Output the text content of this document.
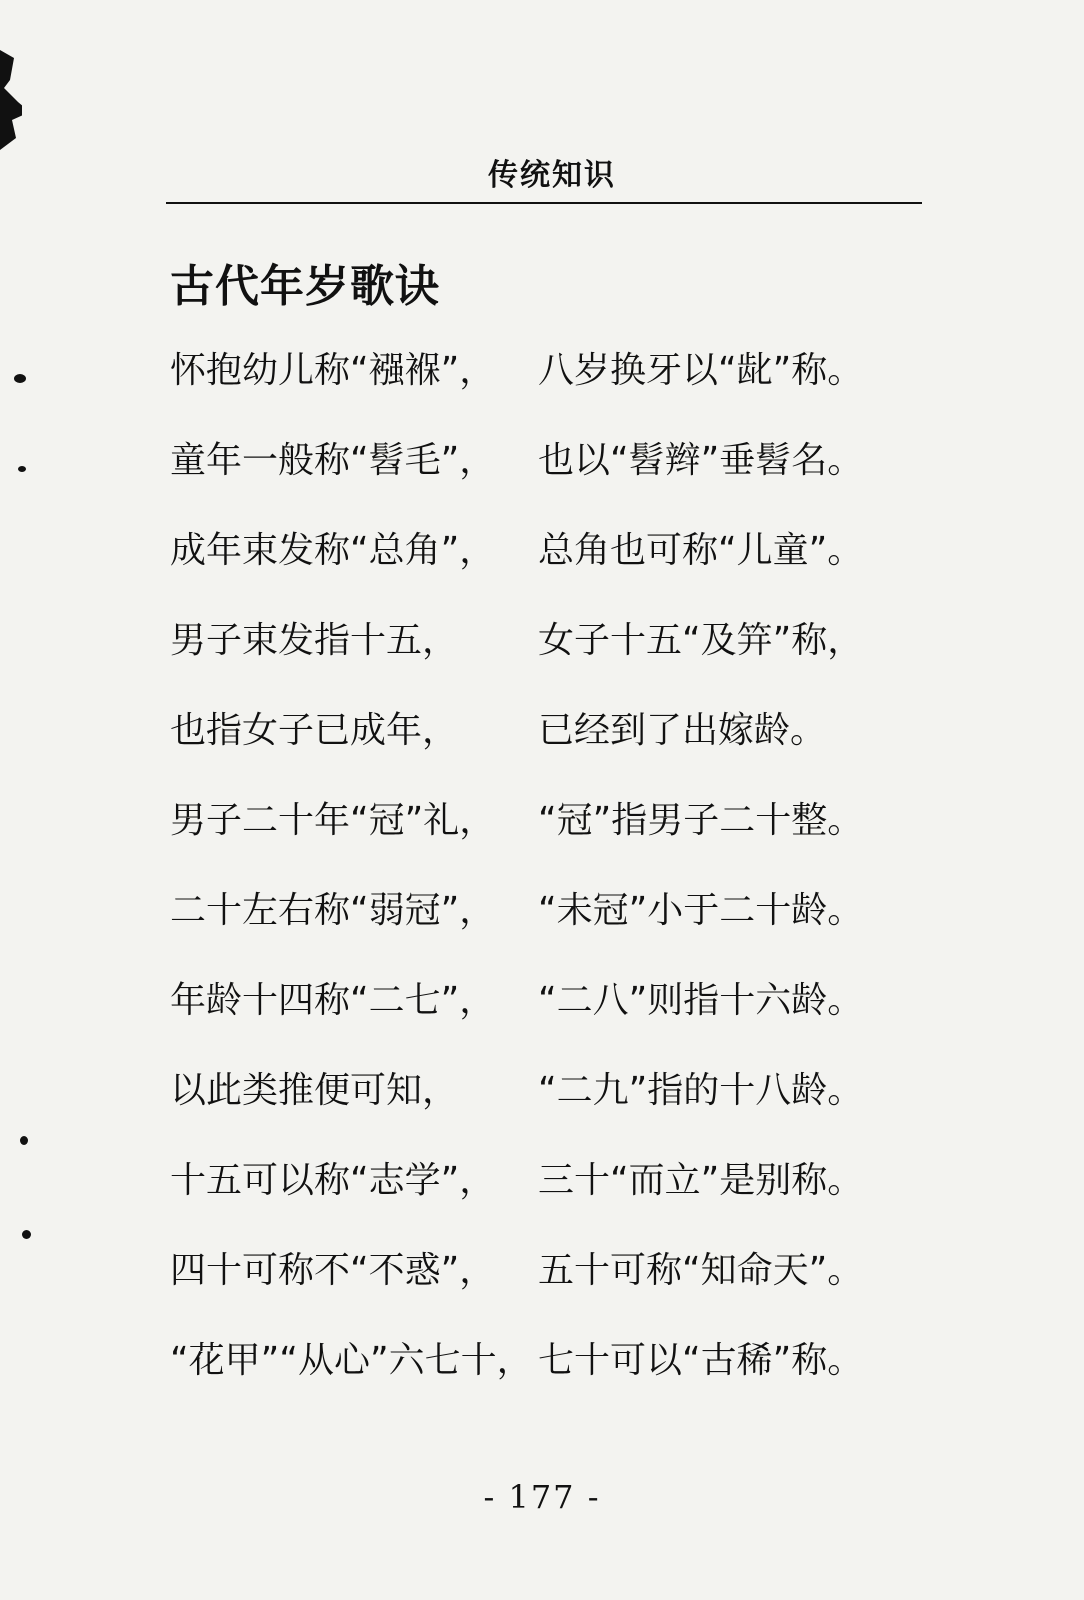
传统知识
古代年岁歌诀
怀抱幼儿称“襁褓”， 八岁换牙以“龀”称。
童年一般称“髫毛”， 也以“髫辫”垂髫名。
成年束发称“总角”， 总角也可称“儿童”。
男子束发指十五， 女子十五“及笄”称，
也指女子已成年， 已经到了出嫁龄。
男子二十年“冠”礼， “冠”指男子二十整。
二十左右称“弱冠”， “未冠”小于二十龄。
年龄十四称“二七”， “二八”则指十六龄。
以此类推便可知， “二九”指的十八龄。
十五可以称“志学”， 三十“而立”是别称。
四十可称不“不惑”， 五十可称“知命天”。
“花甲”“从心”六七十， 七十可以“古稀”称。
- 177 -
